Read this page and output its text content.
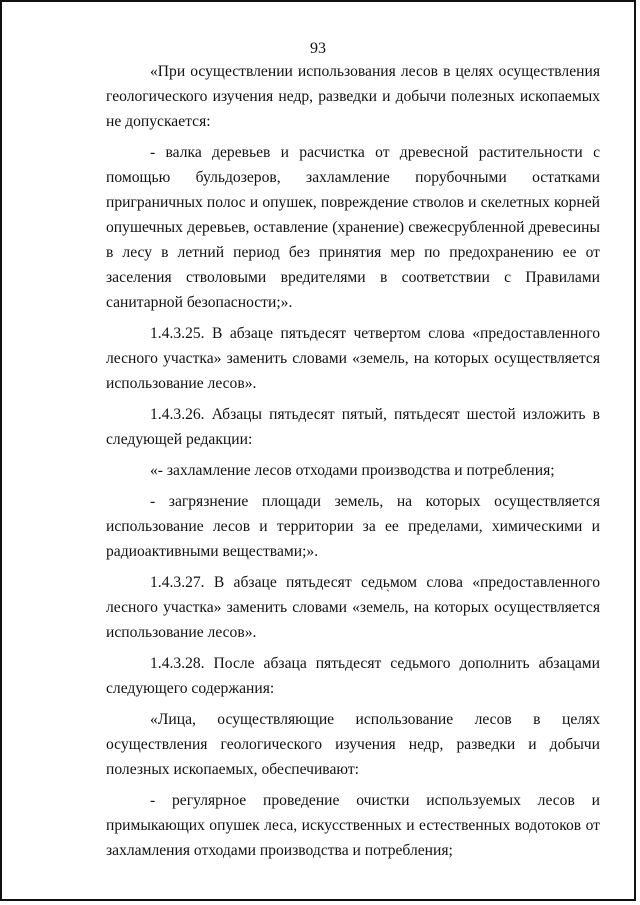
93

«При осуществлении использования лесов в целях осуществления геологического изучения недр, разведки и добычи полезных ископаемых не допускается:

- валка деревьев и расчистка от древесной растительности с помощью бульдозеров, захламление порубочными остатками приграничных полос и опушек, повреждение стволов и скелетных корней опушечных деревьев, оставление (хранение) свежесрубленной древесины в лесу в летний период без принятия мер по предохранению ее от заселения стволовыми вредителями в соответствии с Правилами санитарной безопасности;».

1.4.3.25. В абзаце пятьдесят четвертом слова «предоставленного лесного участка» заменить словами «земель, на которых осуществляется использование лесов».

1.4.3.26. Абзацы пятьдесят пятый, пятьдесят шестой изложить в следующей редакции:

«- захламление лесов отходами производства и потребления;

- загрязнение площади земель, на которых осуществляется использование лесов и территории за ее пределами, химическими и радиоактивными веществами;».

1.4.3.27. В абзаце пятьдесят седьмом слова «предоставленного лесного участка» заменить словами «земель, на которых осуществляется использование лесов».

1.4.3.28. После абзаца пятьдесят седьмого дополнить абзацами следующего содержания:

«Лица, осуществляющие использование лесов в целях осуществления геологического изучения недр, разведки и добычи полезных ископаемых, обеспечивают:

- регулярное проведение очистки используемых лесов и примыкающих опушек леса, искусственных и естественных водотоков от захламления отходами производства и потребления;

`
